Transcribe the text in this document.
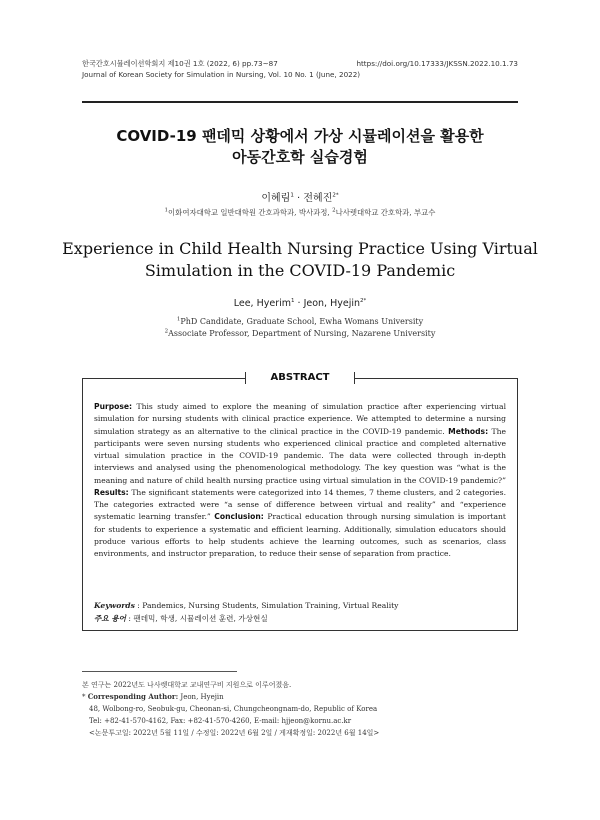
한국간호시뮬레이션학회지 제10권 1호 (2022, 6) pp.73~87	https://doi.org/10.17333/JKSSN.2022.10.1.73
Journal of Korean Society for Simulation in Nursing, Vol. 10 No. 1 (June, 2022)
COVID-19 팬데믹 상황에서 가상 시뮬레이션을 활용한
아동간호학 실습경험
이혜림$^1$ · 전혜진$^{2*}$
$^1$이화여자대학교 일반대학원 간호과학과, 박사과정, $^2$나사렛대학교 간호학과, 부교수
Experience in Child Health Nursing Practice Using Virtual
Simulation in the COVID-19 Pandemic
Lee, Hyerim$^1$ · Jeon, Hyejin$^{2*}$
$^1$PhD Candidate, Graduate School, Ewha Womans University
$^2$Associate Professor, Department of Nursing, Nazarene University
ABSTRACT
Purpose: This study aimed to explore the meaning of simulation practice after experiencing virtual simulation for nursing students with clinical practice experience. We attempted to determine a nursing simulation strategy as an alternative to the clinical practice in the COVID-19 pandemic. Methods: The participants were seven nursing students who experienced clinical practice and completed alternative virtual simulation practice in the COVID-19 pandemic. The data were collected through in-depth interviews and analysed using the phenomenological methodology. The key question was “what is the meaning and nature of child health nursing practice using virtual simulation in the COVID-19 pandemic?” Results: The significant statements were categorized into 14 themes, 7 theme clusters, and 2 categories. The categories extracted were “a sense of difference between virtual and reality” and “experience systematic learning transfer.” Conclusion: Practical education through nursing simulation is important for students to experience a systematic and efficient learning. Additionally, simulation educators should produce various efforts to help students achieve the learning outcomes, such as scenarios, class environments, and instructor preparation, to reduce their sense of separation from practice.
Keywords : Pandemics, Nursing Students, Simulation Training, Virtual Reality
주요 용어 : 팬데믹, 학생, 시뮬레이션 훈련, 가상현실
본 연구는 2022년도 나사렛대학교 교내연구비 지원으로 이루어졌음.
* Corresponding Author: Jeon, Hyejin
48, Wolbong-ro, Seobuk-gu, Cheonan-si, Chungcheongnam-do, Republic of Korea
Tel: +82-41-570-4162, Fax: +82-41-570-4260, E-mail: hjjeon@kornu.ac.kr
<논문투고일: 2022년 5월 11일 / 수정일: 2022년 6월 2일 / 게재확정일: 2022년 6월 14일>
